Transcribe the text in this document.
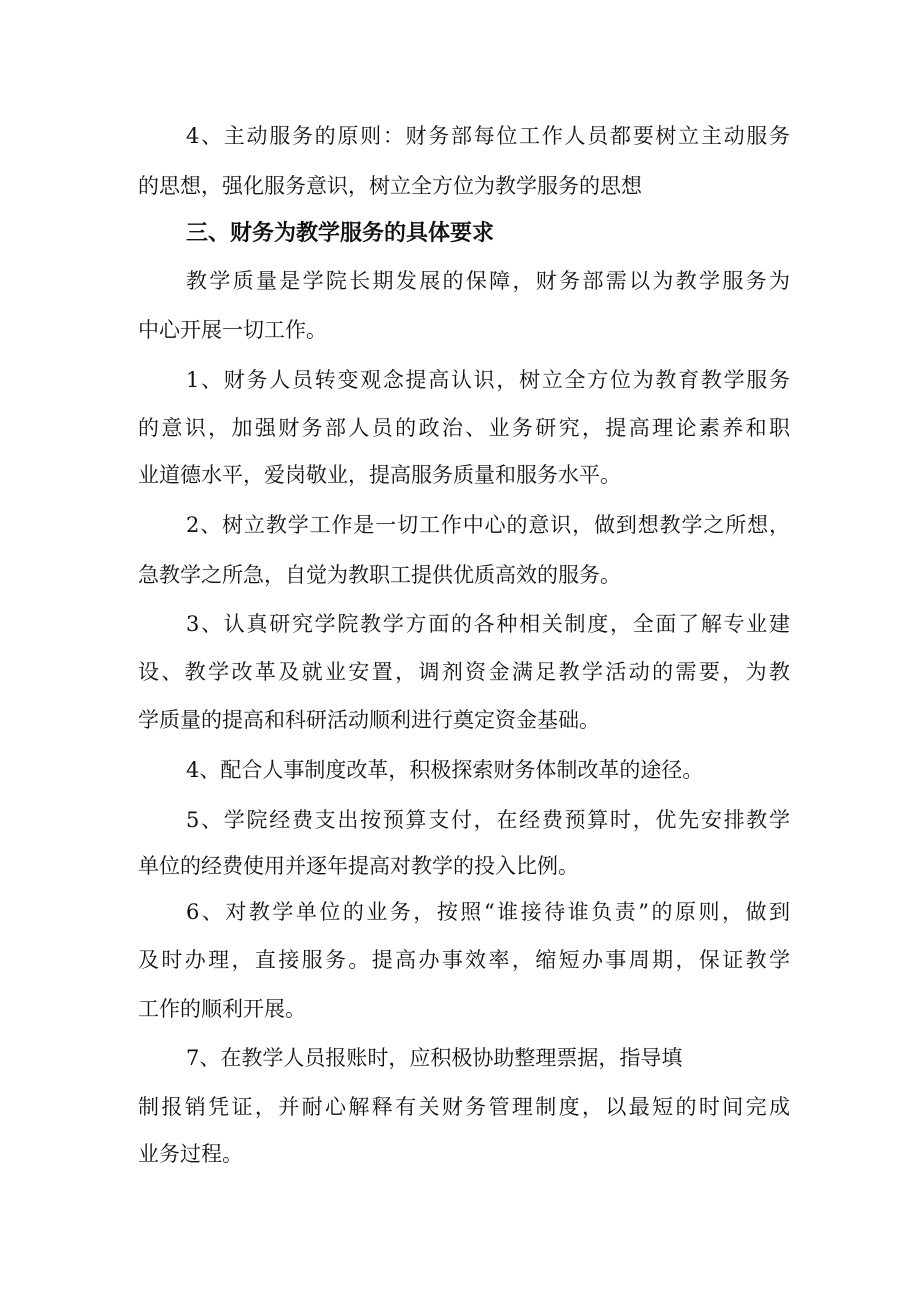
4、主动服务的原则：财务部每位工作人员都要树立主动服务
的思想，强化服务意识，树立全方位为教学服务的思想
三、财务为教学服务的具体要求
教学质量是学院长期发展的保障，财务部需以为教学服务为
中心开展一切工作。
1、财务人员转变观念提高认识，树立全方位为教育教学服务
的意识，加强财务部人员的政治、业务研究，提高理论素养和职
业道德水平，爱岗敬业，提高服务质量和服务水平。
2、树立教学工作是一切工作中心的意识，做到想教学之所想，
急教学之所急，自觉为教职工提供优质高效的服务。
3、认真研究学院教学方面的各种相关制度，全面了解专业建
设、教学改革及就业安置，调剂资金满足教学活动的需要，为教
学质量的提高和科研活动顺利进行奠定资金基础。
4、配合人事制度改革，积极探索财务体制改革的途径。
5、学院经费支出按预算支付，在经费预算时，优先安排教学
单位的经费使用并逐年提高对教学的投入比例。
6、对教学单位的业务，按照“谁接待谁负责”的原则，做到
及时办理，直接服务。提高办事效率，缩短办事周期，保证教学
工作的顺利开展。
7、在教学人员报账时，应积极协助整理票据，指导填
制报销凭证，并耐心解释有关财务管理制度，以最短的时间完成
业务过程。
